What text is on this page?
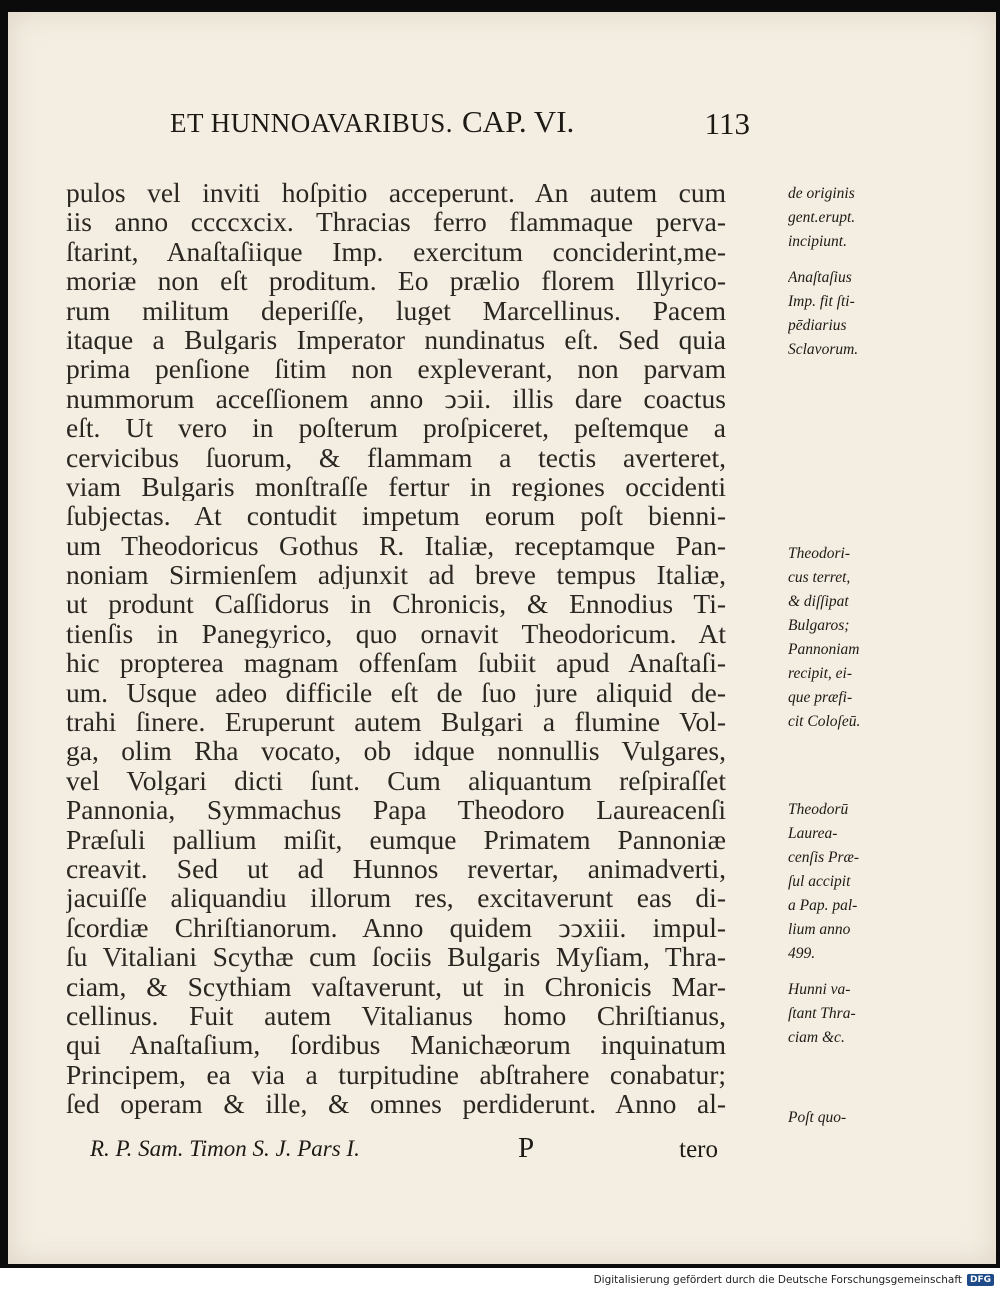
ET HUNNOAVARIBUS. CAP. VI.	113
pulos vel inviti hoſpitio acceperunt. An autem cum
iis anno ccccxcix. Thracias ferro flammaque perva-
ſtarint, Anaſtaſiique Imp. exercitum conciderint,me-
moriæ non eſt proditum. Eo prælio florem Illyrico-
rum militum deperiſſe, luget Marcellinus. Pacem
itaque a Bulgaris Imperator nundinatus eſt. Sed quia
prima penſione ſitim non expleverant, non parvam
nummorum acceſſionem anno ↄↄii. illis dare coactus
eſt. Ut vero in poſterum proſpiceret, peſtemque a
cervicibus ſuorum, & flammam a tectis averteret,
viam Bulgaris monſtraſſe fertur in regiones occidenti
ſubjectas. At contudit impetum eorum poſt bienni-
um Theodoricus Gothus R. Italiæ, receptamque Pan-
noniam Sirmienſem adjunxit ad breve tempus Italiæ,
ut produnt Caſſidorus in Chronicis, & Ennodius Ti-
tienſis in Panegyrico, quo ornavit Theodoricum. At
hic propterea magnam offenſam ſubiit apud Anaſtaſi-
um. Usque adeo difficile eſt de ſuo jure aliquid de-
trahi ſinere. Eruperunt autem Bulgari a flumine Vol-
ga, olim Rha vocato, ob idque nonnullis Vulgares,
vel Volgari dicti ſunt. Cum aliquantum reſpiraſſet
Pannonia, Symmachus Papa Theodoro Laureacenſi
Præſuli pallium miſit, eumque Primatem Pannoniæ
creavit. Sed ut ad Hunnos revertar, animadverti,
jacuiſſe aliquandiu illorum res, excitaverunt eas di-
ſcordiæ Chriſtianorum. Anno quidem ↄↄxiii. impul-
ſu Vitaliani Scythæ cum ſociis Bulgaris Myſiam, Thra-
ciam, & Scythiam vaſtaverunt, ut in Chronicis Mar-
cellinus. Fuit autem Vitalianus homo Chriſtianus,
qui Anaſtaſium, ſordibus Manichæorum inquinatum
Principem, ea via a turpitudine abſtrahere conabatur;
ſed operam & ille, & omnes perdiderunt. Anno al-
de originis
gent.erupt.
incipiunt.
Anaſtaſius
Imp. fit ſti-
pēdiarius
Sclavorum.
Theodori-
cus terret,
& diſſipat
Bulgaros;
Pannoniam
recipit, ei-
que præfi-
cit Coloſeū.
Theodorū
Laurea-
cenſis Præ-
ſul accipit
a Pap. pal-
lium anno
499.
Hunni va-
ſtant Thra-
ciam &c.
Poſt quo-
R. P. Sam. Timon S. J. Pars I.	P	tero
Digitalisierung gefördert durch die Deutsche Forschungsgemeinschaft DFG
